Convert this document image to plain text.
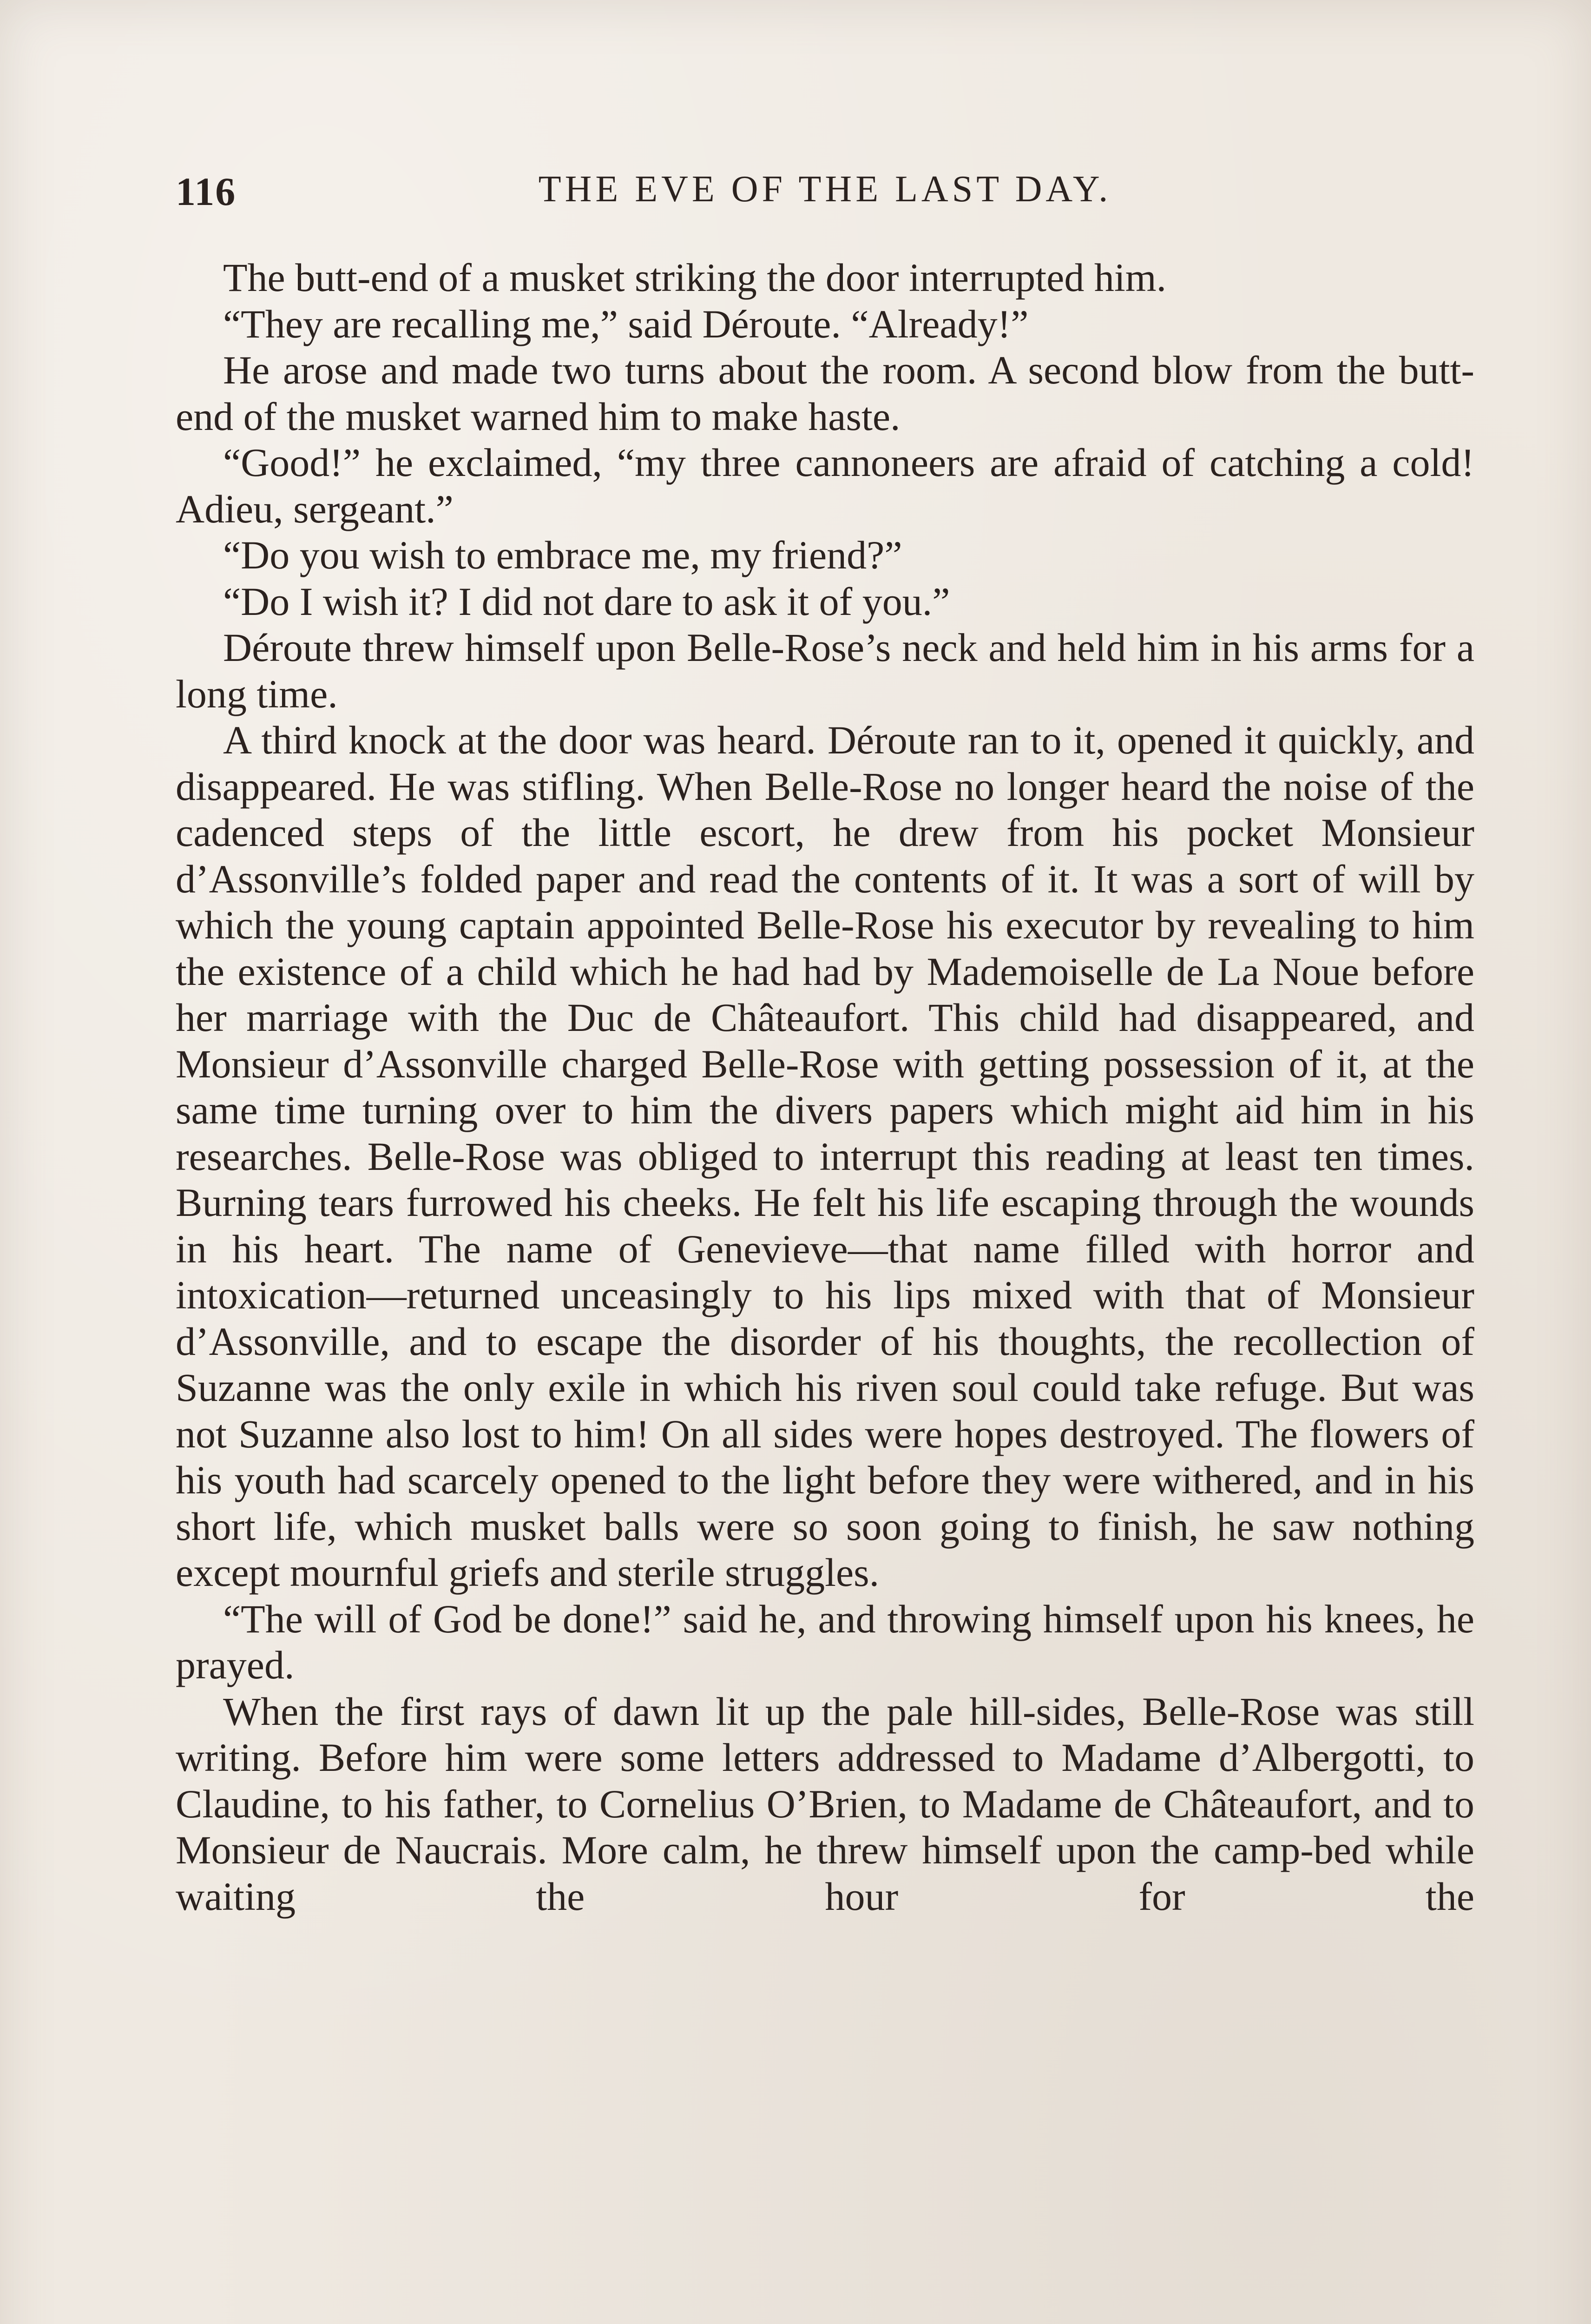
116	THE EVE OF THE LAST DAY.

The butt-end of a musket striking the door interrupted him.

“They are recalling me,” said Déroute. “Already!”

He arose and made two turns about the room. A second blow from the butt-end of the musket warned him to make haste.

“Good!” he exclaimed, “my three cannoneers are afraid of catching a cold! Adieu, sergeant.”

“Do you wish to embrace me, my friend?”

“Do I wish it? I did not dare to ask it of you.”

Déroute threw himself upon Belle-Rose’s neck and held him in his arms for a long time.

A third knock at the door was heard. Déroute ran to it, opened it quickly, and disappeared. He was stifling. When Belle-Rose no longer heard the noise of the cadenced steps of the little escort, he drew from his pocket Monsieur d’Assonville’s folded paper and read the contents of it. It was a sort of will by which the young captain appointed Belle-Rose his executor by revealing to him the existence of a child which he had had by Mademoiselle de La Noue before her marriage with the Duc de Châteaufort. This child had disappeared, and Monsieur d’Assonville charged Belle-Rose with getting possession of it, at the same time turning over to him the divers papers which might aid him in his researches. Belle-Rose was obliged to interrupt this reading at least ten times. Burning tears furrowed his cheeks. He felt his life escaping through the wounds in his heart. The name of Genevieve—that name filled with horror and intoxication—returned unceasingly to his lips mixed with that of Monsieur d’Assonville, and to escape the disorder of his thoughts, the recollection of Suzanne was the only exile in which his riven soul could take refuge. But was not Suzanne also lost to him! On all sides were hopes destroyed. The flowers of his youth had scarcely opened to the light before they were withered, and in his short life, which musket balls were so soon going to finish, he saw nothing except mournful griefs and sterile struggles.

“The will of God be done!” said he, and throwing himself upon his knees, he prayed.

When the first rays of dawn lit up the pale hill-sides, Belle-Rose was still writing. Before him were some letters addressed to Madame d’Albergotti, to Claudine, to his father, to Cornelius O’Brien, to Madame de Châteaufort, and to Monsieur de Naucrais. More calm, he threw himself upon the camp-bed while waiting the hour for the
